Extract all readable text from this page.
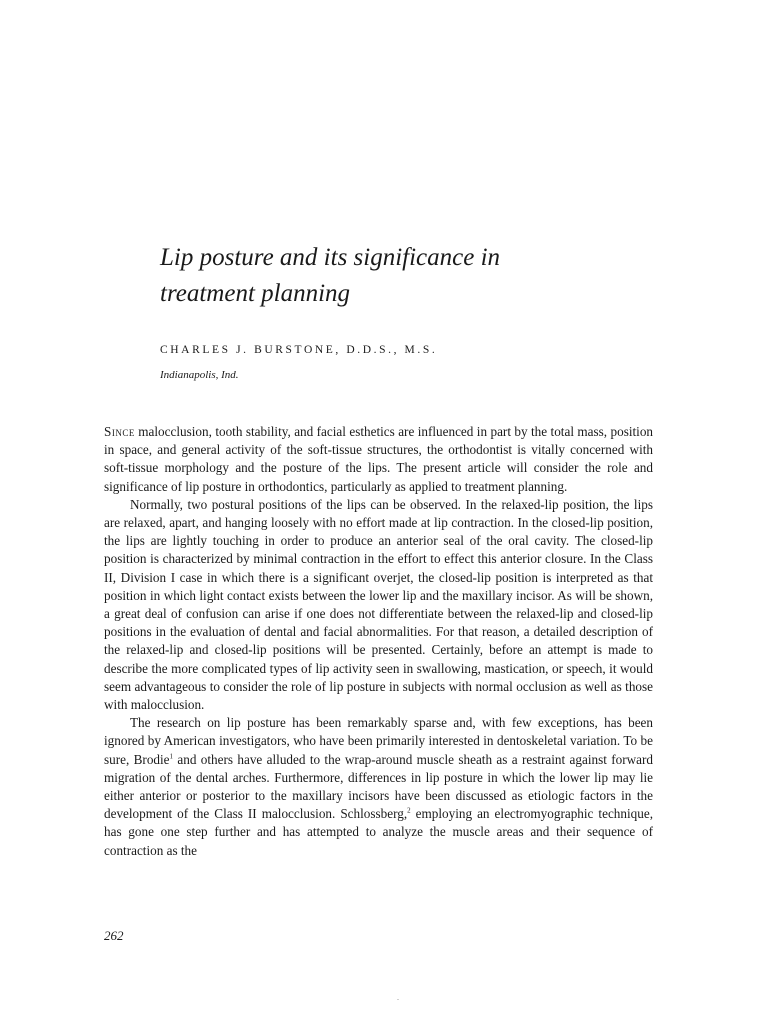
Lip posture and its significance in
treatment planning

CHARLES J. BURSTONE, D.D.S., M.S.

Indianapolis, Ind.

Since malocclusion, tooth stability, and facial esthetics are influenced in part by the total mass, position in space, and general activity of the soft-tissue structures, the orthodontist is vitally concerned with soft-tissue morphology and the posture of the lips. The present article will consider the role and significance of lip posture in orthodontics, particularly as applied to treatment planning.

Normally, two postural positions of the lips can be observed. In the relaxed-lip position, the lips are relaxed, apart, and hanging loosely with no effort made at lip contraction. In the closed-lip position, the lips are lightly touching in order to produce an anterior seal of the oral cavity. The closed-lip position is characterized by minimal contraction in the effort to effect this anterior closure. In the Class II, Division I case in which there is a significant overjet, the closed-lip position is interpreted as that position in which light contact exists between the lower lip and the maxillary incisor. As will be shown, a great deal of confusion can arise if one does not differentiate between the relaxed-lip and closed-lip positions in the evaluation of dental and facial abnormalities. For that reason, a detailed description of the relaxed-lip and closed-lip positions will be presented. Certainly, before an attempt is made to describe the more complicated types of lip activity seen in swallowing, mastication, or speech, it would seem advantageous to consider the role of lip posture in subjects with normal occlusion as well as those with malocclusion.

The research on lip posture has been remarkably sparse and, with few exceptions, has been ignored by American investigators, who have been primarily interested in dentoskeletal variation. To be sure, Brodie$^1$ and others have alluded to the wrap-around muscle sheath as a restraint against forward migration of the dental arches. Furthermore, differences in lip posture in which the lower lip may lie either anterior or posterior to the maxillary incisors have been discussed as etiologic factors in the development of the Class II malocclusion. Schlossberg,$^2$ employing an electromyographic technique, has gone one step further and has attempted to analyze the muscle areas and their sequence of contraction as the

262

.
